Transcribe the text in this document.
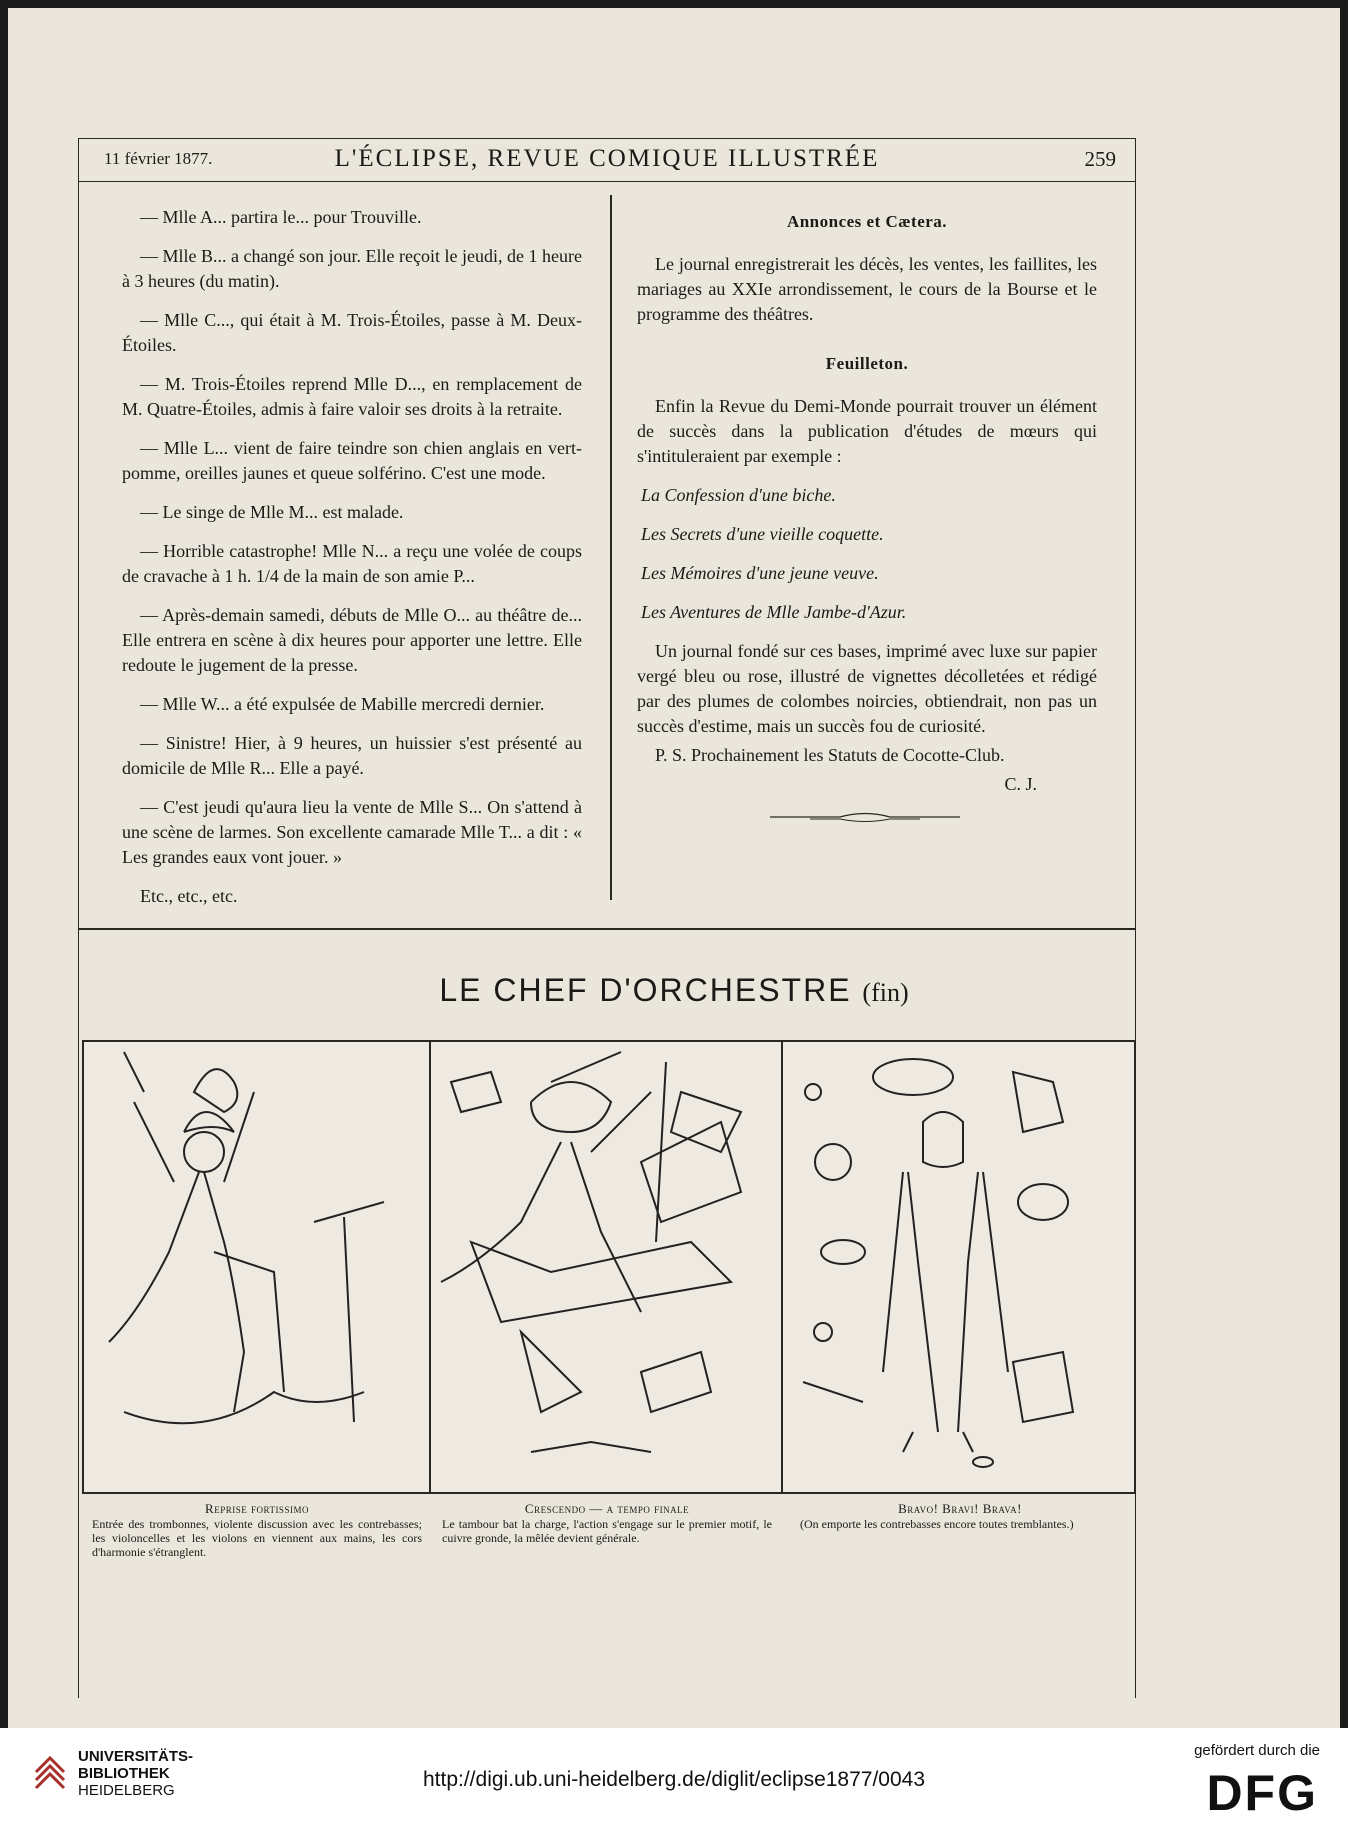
11 février 1877.	L'ÉCLIPSE, REVUE COMIQUE ILLUSTRÉE	259

— Mlle A... partira le... pour Trouville.

— Mlle B... a changé son jour. Elle reçoit le jeudi, de 1 heure à 3 heures (du matin).

— Mlle C..., qui était à M. Trois-Étoiles, passe à M. Deux-Étoiles.

— M. Trois-Étoiles reprend Mlle D..., en remplacement de M. Quatre-Étoiles, admis à faire valoir ses droits à la retraite.

— Mlle L... vient de faire teindre son chien anglais en vert-pomme, oreilles jaunes et queue solférino. C'est une mode.

— Le singe de Mlle M... est malade.

— Horrible catastrophe! Mlle N... a reçu une volée de coups de cravache à 1 h. 1/4 de la main de son amie P...

— Après-demain samedi, débuts de Mlle O... au théâtre de... Elle entrera en scène à dix heures pour apporter une lettre. Elle redoute le jugement de la presse.

— Mlle W... a été expulsée de Mabille mercredi dernier.

— Sinistre! Hier, à 9 heures, un huissier s'est présenté au domicile de Mlle R... Elle a payé.

— C'est jeudi qu'aura lieu la vente de Mlle S... On s'attend à une scène de larmes. Son excellente camarade Mlle T... a dit : « Les grandes eaux vont jouer. »

Etc., etc., etc.

Annonces et Cætera.

Le journal enregistrerait les décès, les ventes, les faillites, les mariages au XXIe arrondissement, le cours de la Bourse et le programme des théâtres.

Feuilleton.

Enfin la Revue du Demi-Monde pourrait trouver un élément de succès dans la publication d'études de mœurs qui s'intituleraient par exemple :

La Confession d'une biche.

Les Secrets d'une vieille coquette.

Les Mémoires d'une jeune veuve.

Les Aventures de Mlle Jambe-d'Azur.

Un journal fondé sur ces bases, imprimé avec luxe sur papier vergé bleu ou rose, illustré de vignettes décolletées et rédigé par des plumes de colombes noircies, obtiendrait, non pas un succès d'estime, mais un succès fou de curiosité.

P. S. Prochainement les Statuts de Cocotte-Club.

C. J.

LE CHEF D'ORCHESTRE (fin)
Reprise fortissimo
Entrée des trombonnes, violente discussion avec les contrebasses; les violoncelles et les violons en viennent aux mains, les cors d'harmonie s'étranglent.
Crescendo — a tempo finale
Le tambour bat la charge, l'action s'engage sur le premier motif, le cuivre gronde, la mêlée devient générale.
Bravo! Bravi! Brava!
(On emporte les contrebasses encore toutes tremblantes.)
UNIVERSITÄTS-
BIBLIOTHEK
HEIDELBERG	http://digi.ub.uni-heidelberg.de/diglit/eclipse1877/0043
gefördert durch die
DFG
